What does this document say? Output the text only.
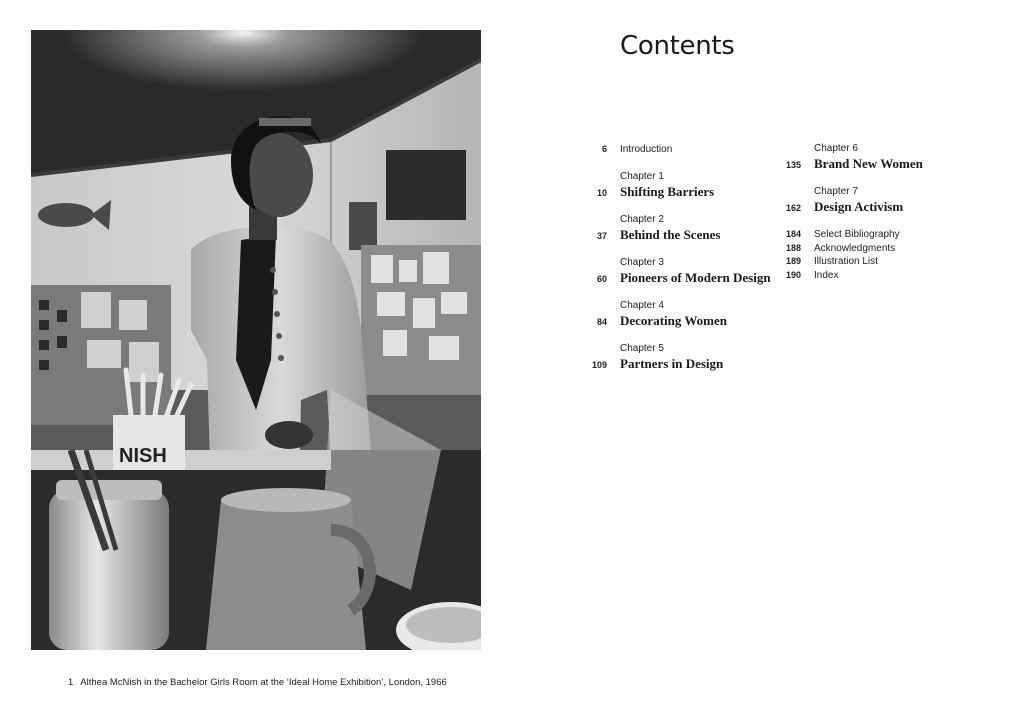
NISH
1 Althea McNish in the Bachelor Girls Room at the ‘Ideal Home Exhibition’, London, 1966
Contents
6 Introduction
Chapter 1
10 Shifting Barriers
Chapter 2
37 Behind the Scenes
Chapter 3
60 Pioneers of Modern Design
Chapter 4
84 Decorating Women
Chapter 5
109 Partners in Design
Chapter 6
135 Brand New Women
Chapter 7
162 Design Activism
184 Select Bibliography
188 Acknowledgments
189 Illustration List
190 Index
